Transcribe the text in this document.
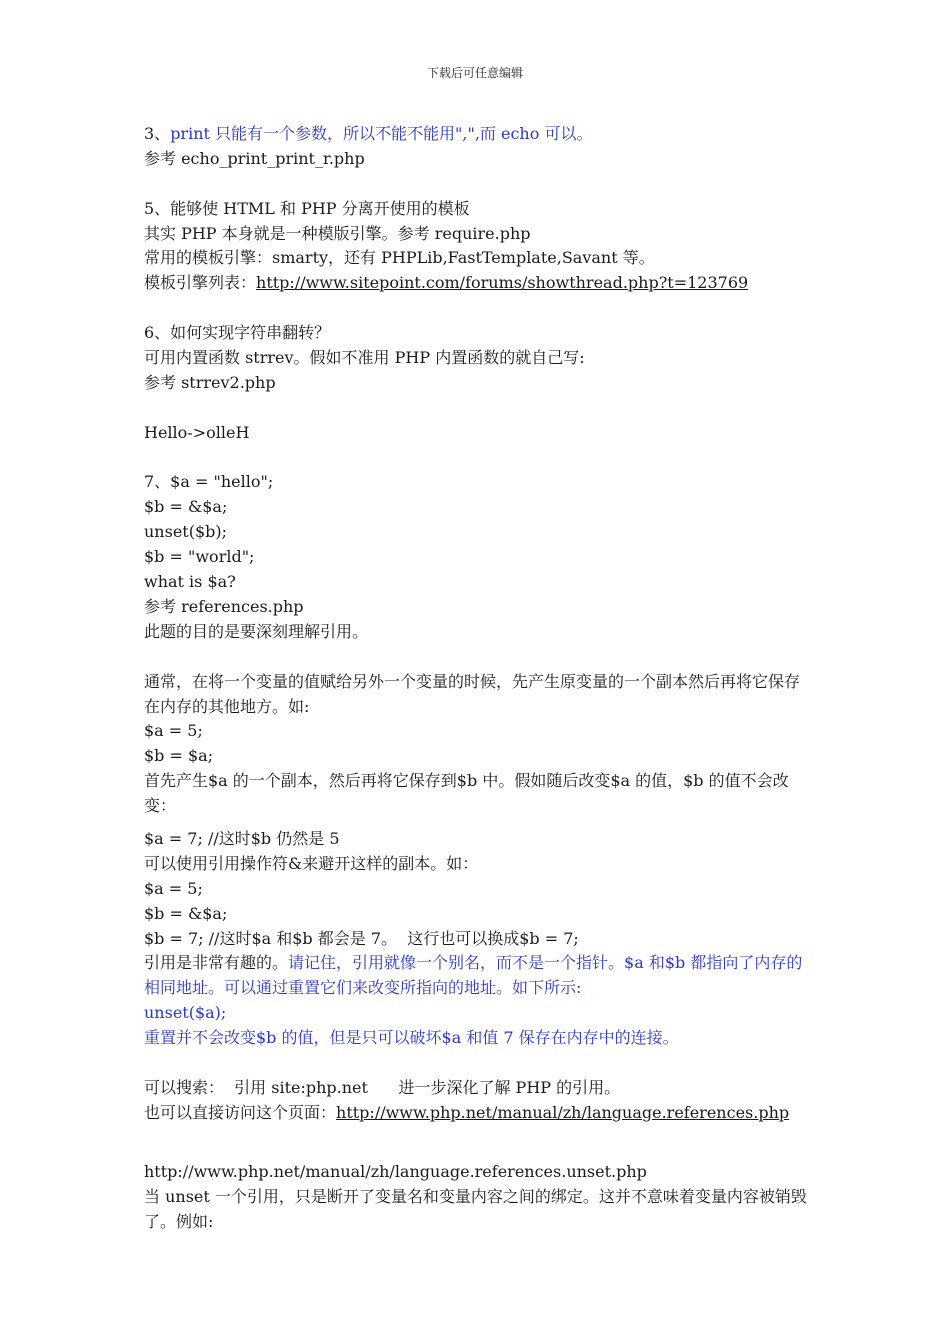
下载后可任意编辑
3、print 只能有一个参数，所以不能不能用",",而 echo 可以。
参考 echo_print_print_r.php
5、能够使 HTML 和 PHP 分离开使用的模板
其实 PHP 本身就是一种模版引擎。参考 require.php
常用的模板引擎：smarty，还有 PHPLib,FastTemplate,Savant 等。
模板引擎列表：http://www.sitepoint.com/forums/showthread.php?t=123769
6、如何实现字符串翻转？
可用内置函数 strrev。假如不准用 PHP 内置函数的就自己写:
参考 strrev2.php
Hello->olleH
7、$a = "hello";
$b = &$a;
unset($b);
$b = "world";
what is $a?
参考 references.php
此题的目的是要深刻理解引用。
通常，在将一个变量的值赋给另外一个变量的时候，先产生原变量的一个副本然后再将它保存在内存的其他地方。如:
$a = 5;
$b = $a;
首先产生$a 的一个副本，然后再将它保存到$b 中。假如随后改变$a 的值，$b 的值不会改变：
$a = 7; //这时$b 仍然是 5
可以使用引用操作符&来避开这样的副本。如：
$a = 5;
$b = &$a;
$b = 7; //这时$a 和$b 都会是 7。  这行也可以换成$b = 7;
引用是非常有趣的。请记住，引用就像一个别名，而不是一个指针。$a 和$b 都指向了内存的相同地址。可以通过重置它们来改变所指向的地址。如下所示:
unset($a);
重置并不会改变$b 的值，但是只可以破坏$a 和值 7 保存在内存中的连接。
可以搜索：  引用 site:php.net      进一步深化了解 PHP 的引用。
也可以直接访问这个页面：http://www.php.net/manual/zh/language.references.php
http://www.php.net/manual/zh/language.references.unset.php
当 unset 一个引用，只是断开了变量名和变量内容之间的绑定。这并不意味着变量内容被销毁了。例如:
